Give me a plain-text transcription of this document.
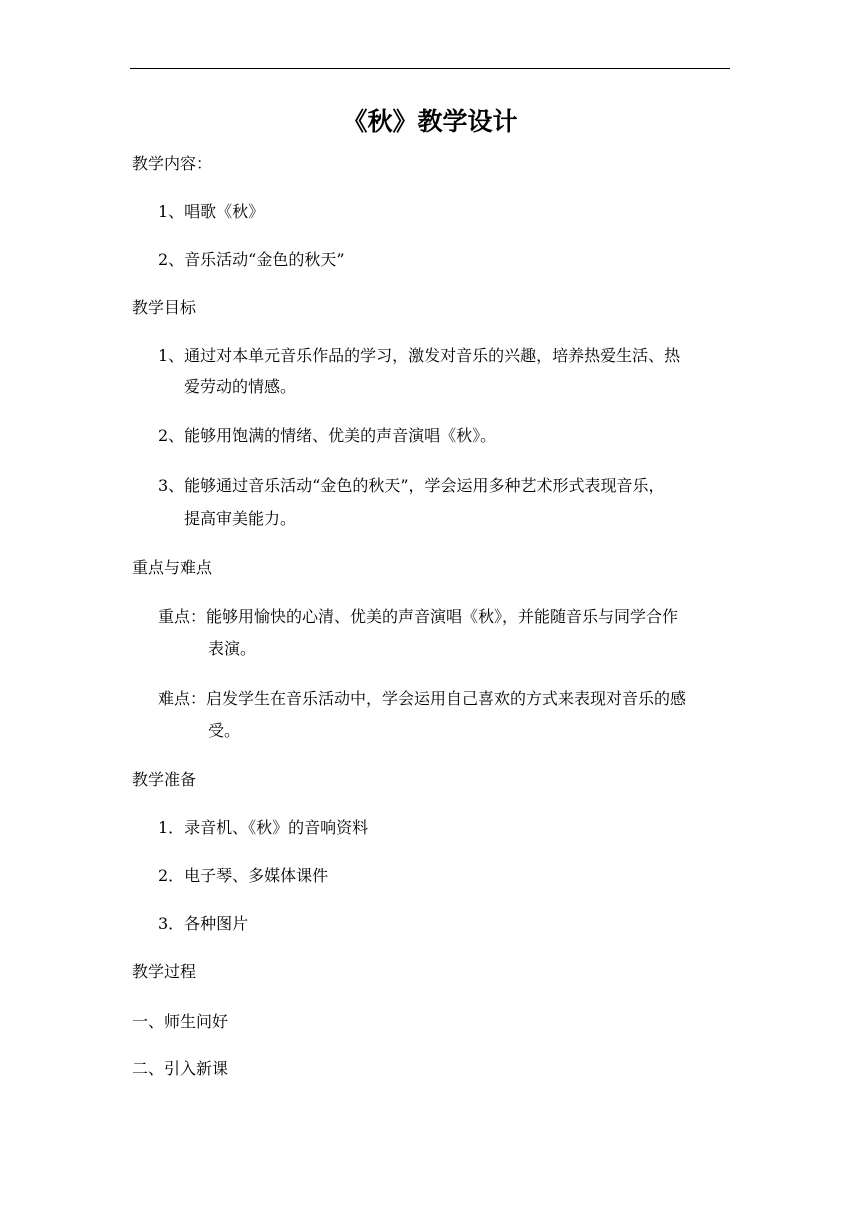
《秋》教学设计
教学内容：
1、唱歌《秋》
2、音乐活动“金色的秋天”
教学目标
1、通过对本单元音乐作品的学习，激发对音乐的兴趣，培养热爱生活、热
爱劳动的情感。
2、能够用饱满的情绪、优美的声音演唱《秋》。
3、能够通过音乐活动“金色的秋天”，学会运用多种艺术形式表现音乐，
提高审美能力。
重点与难点
重点：能够用愉快的心清、优美的声音演唱《秋》，并能随音乐与同学合作
表演。
难点：启发学生在音乐活动中，学会运用自己喜欢的方式来表现对音乐的感
受。
教学准备
1．录音机、《秋》的音响资料
2．电子琴、多媒体课件
3．各种图片
教学过程
一、师生问好
二、引入新课
